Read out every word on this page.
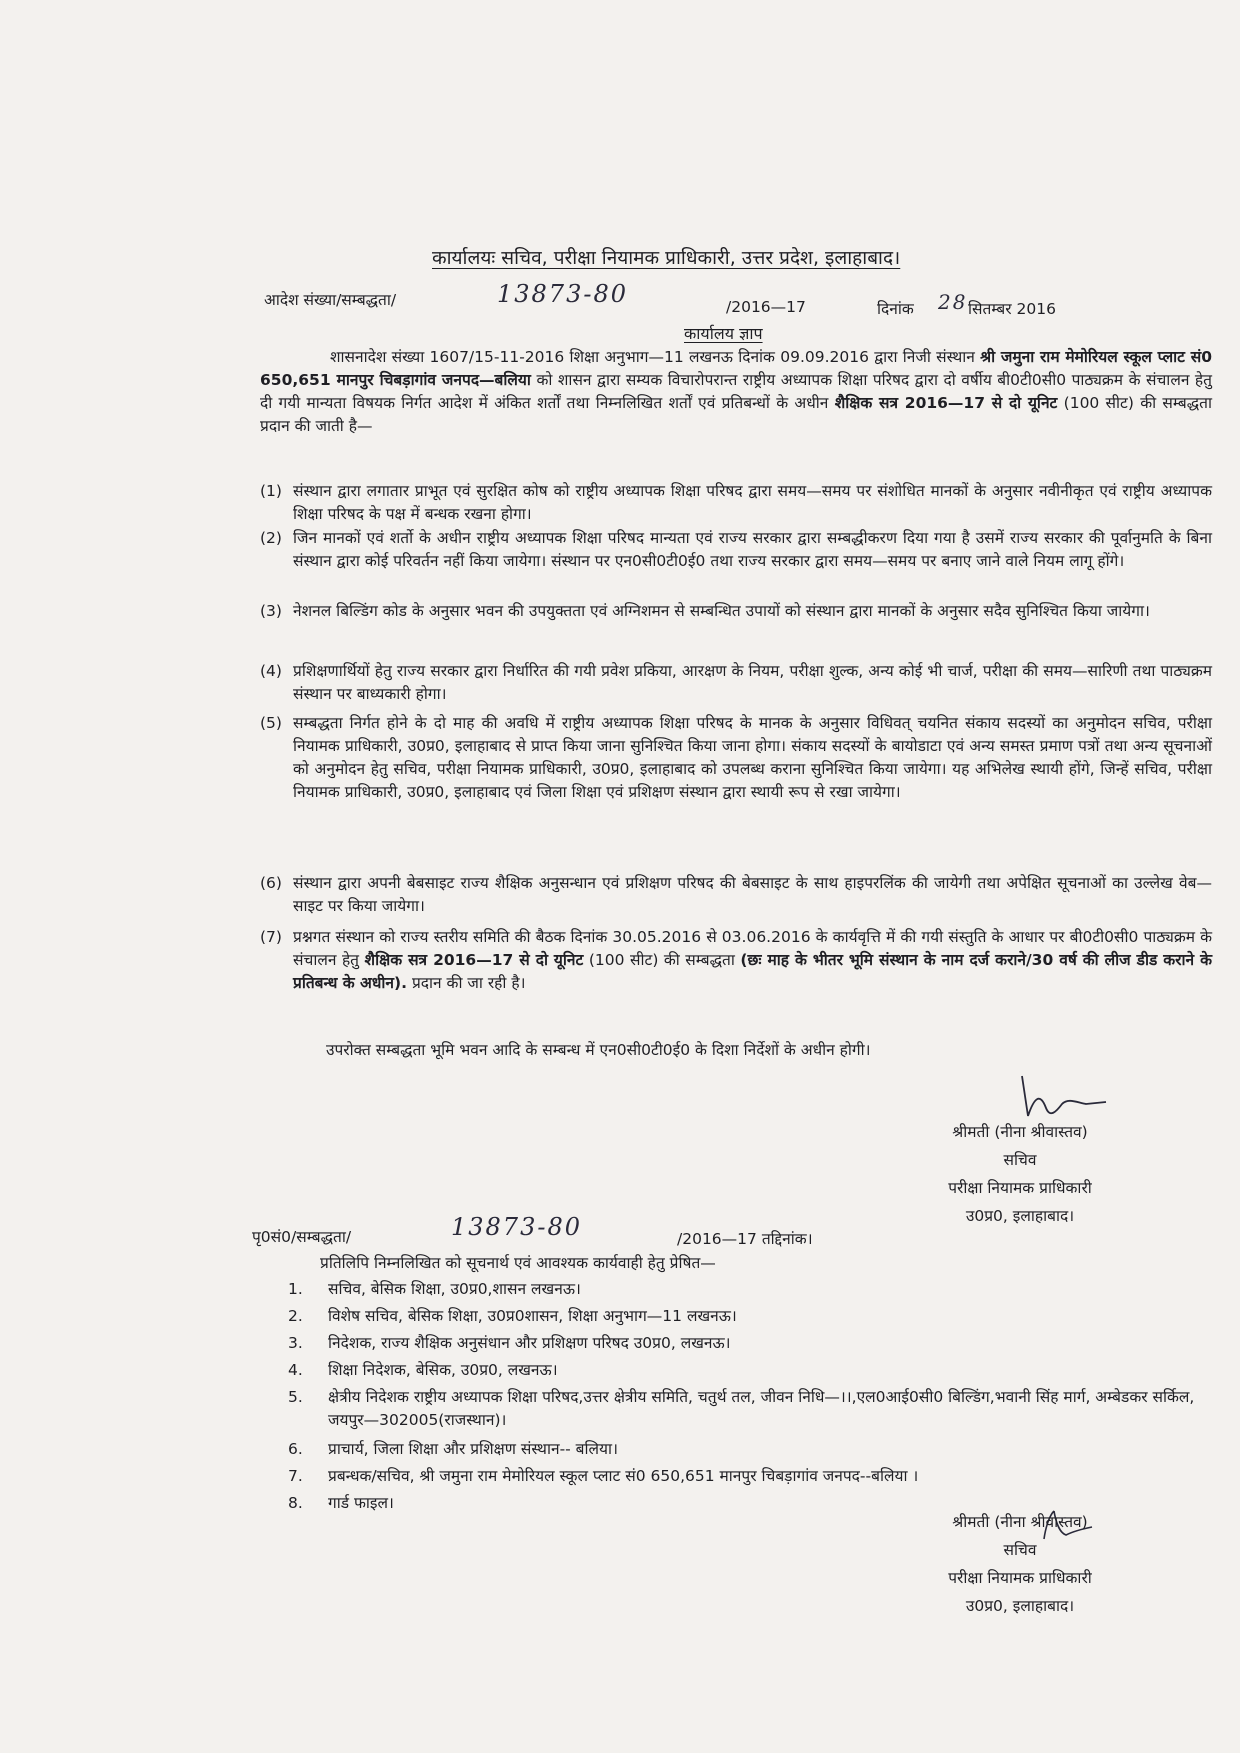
कार्यालयः सचिव, परीक्षा नियामक प्राधिकारी, उत्तर प्रदेश, इलाहाबाद।
आदेश संख्या/सम्बद्धता/	13873-80	/2016—17	दिनांक 28 सितम्बर 2016
कार्यालय ज्ञाप
शासनादेश संख्या 1607/15-11-2016 शिक्षा अनुभाग—11 लखनऊ दिनांक 09.09.2016 द्वारा निजी संस्थान श्री जमुना राम मेमोरियल स्कूल प्लाट सं0 650,651 मानपुर चिबड़ागांव जनपद—बलिया को शासन द्वारा सम्यक विचारोपरान्त राष्ट्रीय अध्यापक शिक्षा परिषद द्वारा दो वर्षीय बी0टी0सी0 पाठ्यक्रम के संचालन हेतु दी गयी मान्यता विषयक निर्गत आदेश में अंकित शर्तों तथा निम्नलिखित शर्तों एवं प्रतिबन्धों के अधीन शैक्षिक सत्र 2016—17 से दो यूनिट (100 सीट) की सम्बद्धता प्रदान की जाती है—
(1) संस्थान द्वारा लगातार प्राभूत एवं सुरक्षित कोष को राष्ट्रीय अध्यापक शिक्षा परिषद द्वारा समय—समय पर संशोधित मानकों के अनुसार नवीनीकृत एवं राष्ट्रीय अध्यापक शिक्षा परिषद के पक्ष में बन्धक रखना होगा।
(2) जिन मानकों एवं शर्तो के अधीन राष्ट्रीय अध्यापक शिक्षा परिषद मान्यता एवं राज्य सरकार द्वारा सम्बद्धीकरण दिया गया है उसमें राज्य सरकार की पूर्वानुमति के बिना संस्थान द्वारा कोई परिवर्तन नहीं किया जायेगा। संस्थान पर एन0सी0टी0ई0 तथा राज्य सरकार द्वारा समय—समय पर बनाए जाने वाले नियम लागू होंगे।
(3) नेशनल बिल्डिंग कोड के अनुसार भवन की उपयुक्तता एवं अग्निशमन से सम्बन्धित उपायों को संस्थान द्वारा मानकों के अनुसार सदैव सुनिश्चित किया जायेगा।
(4) प्रशिक्षणार्थियों हेतु राज्य सरकार द्वारा निर्धारित की गयी प्रवेश प्रकिया, आरक्षण के नियम, परीक्षा शुल्क, अन्य कोई भी चार्ज, परीक्षा की समय—सारिणी तथा पाठ्यक्रम संस्थान पर बाध्यकारी होगा।
(5) सम्बद्धता निर्गत होने के दो माह की अवधि में राष्ट्रीय अध्यापक शिक्षा परिषद के मानक के अनुसार विधिवत् चयनित संकाय सदस्यों का अनुमोदन सचिव, परीक्षा नियामक प्राधिकारी, उ0प्र0, इलाहाबाद से प्राप्त किया जाना सुनिश्चित किया जाना होगा। संकाय सदस्यों के बायोडाटा एवं अन्य समस्त प्रमाण पत्रों तथा अन्य सूचनाओं को अनुमोदन हेतु सचिव, परीक्षा नियामक प्राधिकारी, उ0प्र0, इलाहाबाद को उपलब्ध कराना सुनिश्चित किया जायेगा। यह अभिलेख स्थायी होंगे, जिन्हें सचिव, परीक्षा नियामक प्राधिकारी, उ0प्र0, इलाहाबाद एवं जिला शिक्षा एवं प्रशिक्षण संस्थान द्वारा स्थायी रूप से रखा जायेगा।
(6) संस्थान द्वारा अपनी बेबसाइट राज्य शैक्षिक अनुसन्धान एवं प्रशिक्षण परिषद की बेबसाइट के साथ हाइपरलिंक की जायेगी तथा अपेक्षित सूचनाओं का उल्लेख वेब—साइट पर किया जायेगा।
(7) प्रश्नगत संस्थान को राज्य स्तरीय समिति की बैठक दिनांक 30.05.2016 से 03.06.2016 के कार्यवृत्ति में की गयी संस्तुति के आधार पर बी0टी0सी0 पाठ्यक्रम के संचालन हेतु शैक्षिक सत्र 2016—17 से दो यूनिट (100 सीट) की सम्बद्धता (छः माह के भीतर भूमि संस्थान के नाम दर्ज कराने/30 वर्ष की लीज डीड कराने के प्रतिबन्ध के अधीन). प्रदान की जा रही है।
उपरोक्त सम्बद्धता भूमि भवन आदि के सम्बन्ध में एन0सी0टी0ई0 के दिशा निर्देशों के अधीन होगी।
श्रीमती (नीना श्रीवास्तव)
सचिव
परीक्षा नियामक प्राधिकारी
उ0प्र0, इलाहाबाद।
पृ0सं0/सम्बद्धता/	13873-80	/2016—17 तद्दिनांक।
प्रतिलिपि निम्नलिखित को सूचनार्थ एवं आवश्यक कार्यवाही हेतु प्रेषित—
1. सचिव, बेसिक शिक्षा, उ0प्र0,शासन लखनऊ।
2. विशेष सचिव, बेसिक शिक्षा, उ0प्र0शासन, शिक्षा अनुभाग—11 लखनऊ।
3. निदेशक, राज्य शैक्षिक अनुसंधान और प्रशिक्षण परिषद उ0प्र0, लखनऊ।
4. शिक्षा निदेशक, बेसिक, उ0प्र0, लखनऊ।
5. क्षेत्रीय निदेशक राष्ट्रीय अध्यापक शिक्षा परिषद,उत्तर क्षेत्रीय समिति, चतुर्थ तल, जीवन निधि—।।,एल0आई0सी0 बिल्डिंग,भवानी सिंह मार्ग, अम्बेडकर सर्किल, जयपुर—302005(राजस्थान)।
6. प्राचार्य, जिला शिक्षा और प्रशिक्षण संस्थान-- बलिया।
7. प्रबन्धक/सचिव, श्री जमुना राम मेमोरियल स्कूल प्लाट सं0 650,651 मानपुर चिबड़ागांव जनपद--बलिया ।
8. गार्ड फाइल।
श्रीमती (नीना श्रीवास्तव)
सचिव
परीक्षा नियामक प्राधिकारी
उ0प्र0, इलाहाबाद।
